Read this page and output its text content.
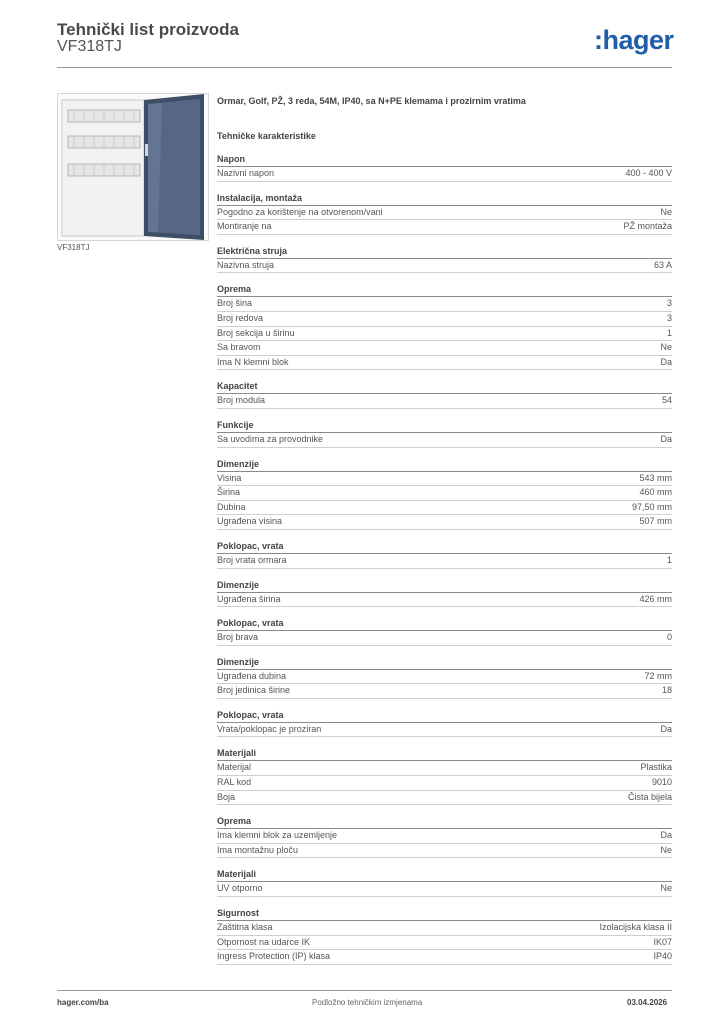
Tehnički list proizvoda
VF318TJ	:hager
VF318TJ
Ormar, Golf, PŽ, 3 reda, 54M, IP40, sa N+PE klemama i prozirnim vratima
Tehničke karakteristike
Napon
Nazivni napon	400 - 400 V
Instalacija, montaža
Pogodno za korištenje na otvorenom/vani	Ne
Montiranje na	PŽ montaža
Električna struja
Nazivna struja	63 A
Oprema
Broj šina	3
Broj redova	3
Broj sekcija u širinu	1
Sa bravom	Ne
Ima N klemni blok	Da
Kapacitet
Broj modula	54
Funkcije
Sa uvodima za provodnike	Da
Dimenzije
Visina	543 mm
Širina	460 mm
Dubina	97,50 mm
Ugrađena visina	507 mm
Poklopac, vrata
Broj vrata ormara	1
Dimenzije
Ugrađena širina	426 mm
Poklopac, vrata
Broj brava	0
Dimenzije
Ugrađena dubina	72 mm
Broj jedinica širine	18
Poklopac, vrata
Vrata/poklopac je proziran	Da
Materijali
Materijal	Plastika
RAL kod	9010
Boja	Čista bijela
Oprema
Ima klemni blok za uzemljenje	Da
Ima montažnu ploču	Ne
Materijali
UV otporno	Ne
Sigurnost
Zaštitna klasa	Izolacijska klasa II
Otpornost na udarce IK	IK07
Ingress Protection (IP) klasa	IP40
hager.com/ba	Podložno tehničkim izmjenama	03.04.2026
